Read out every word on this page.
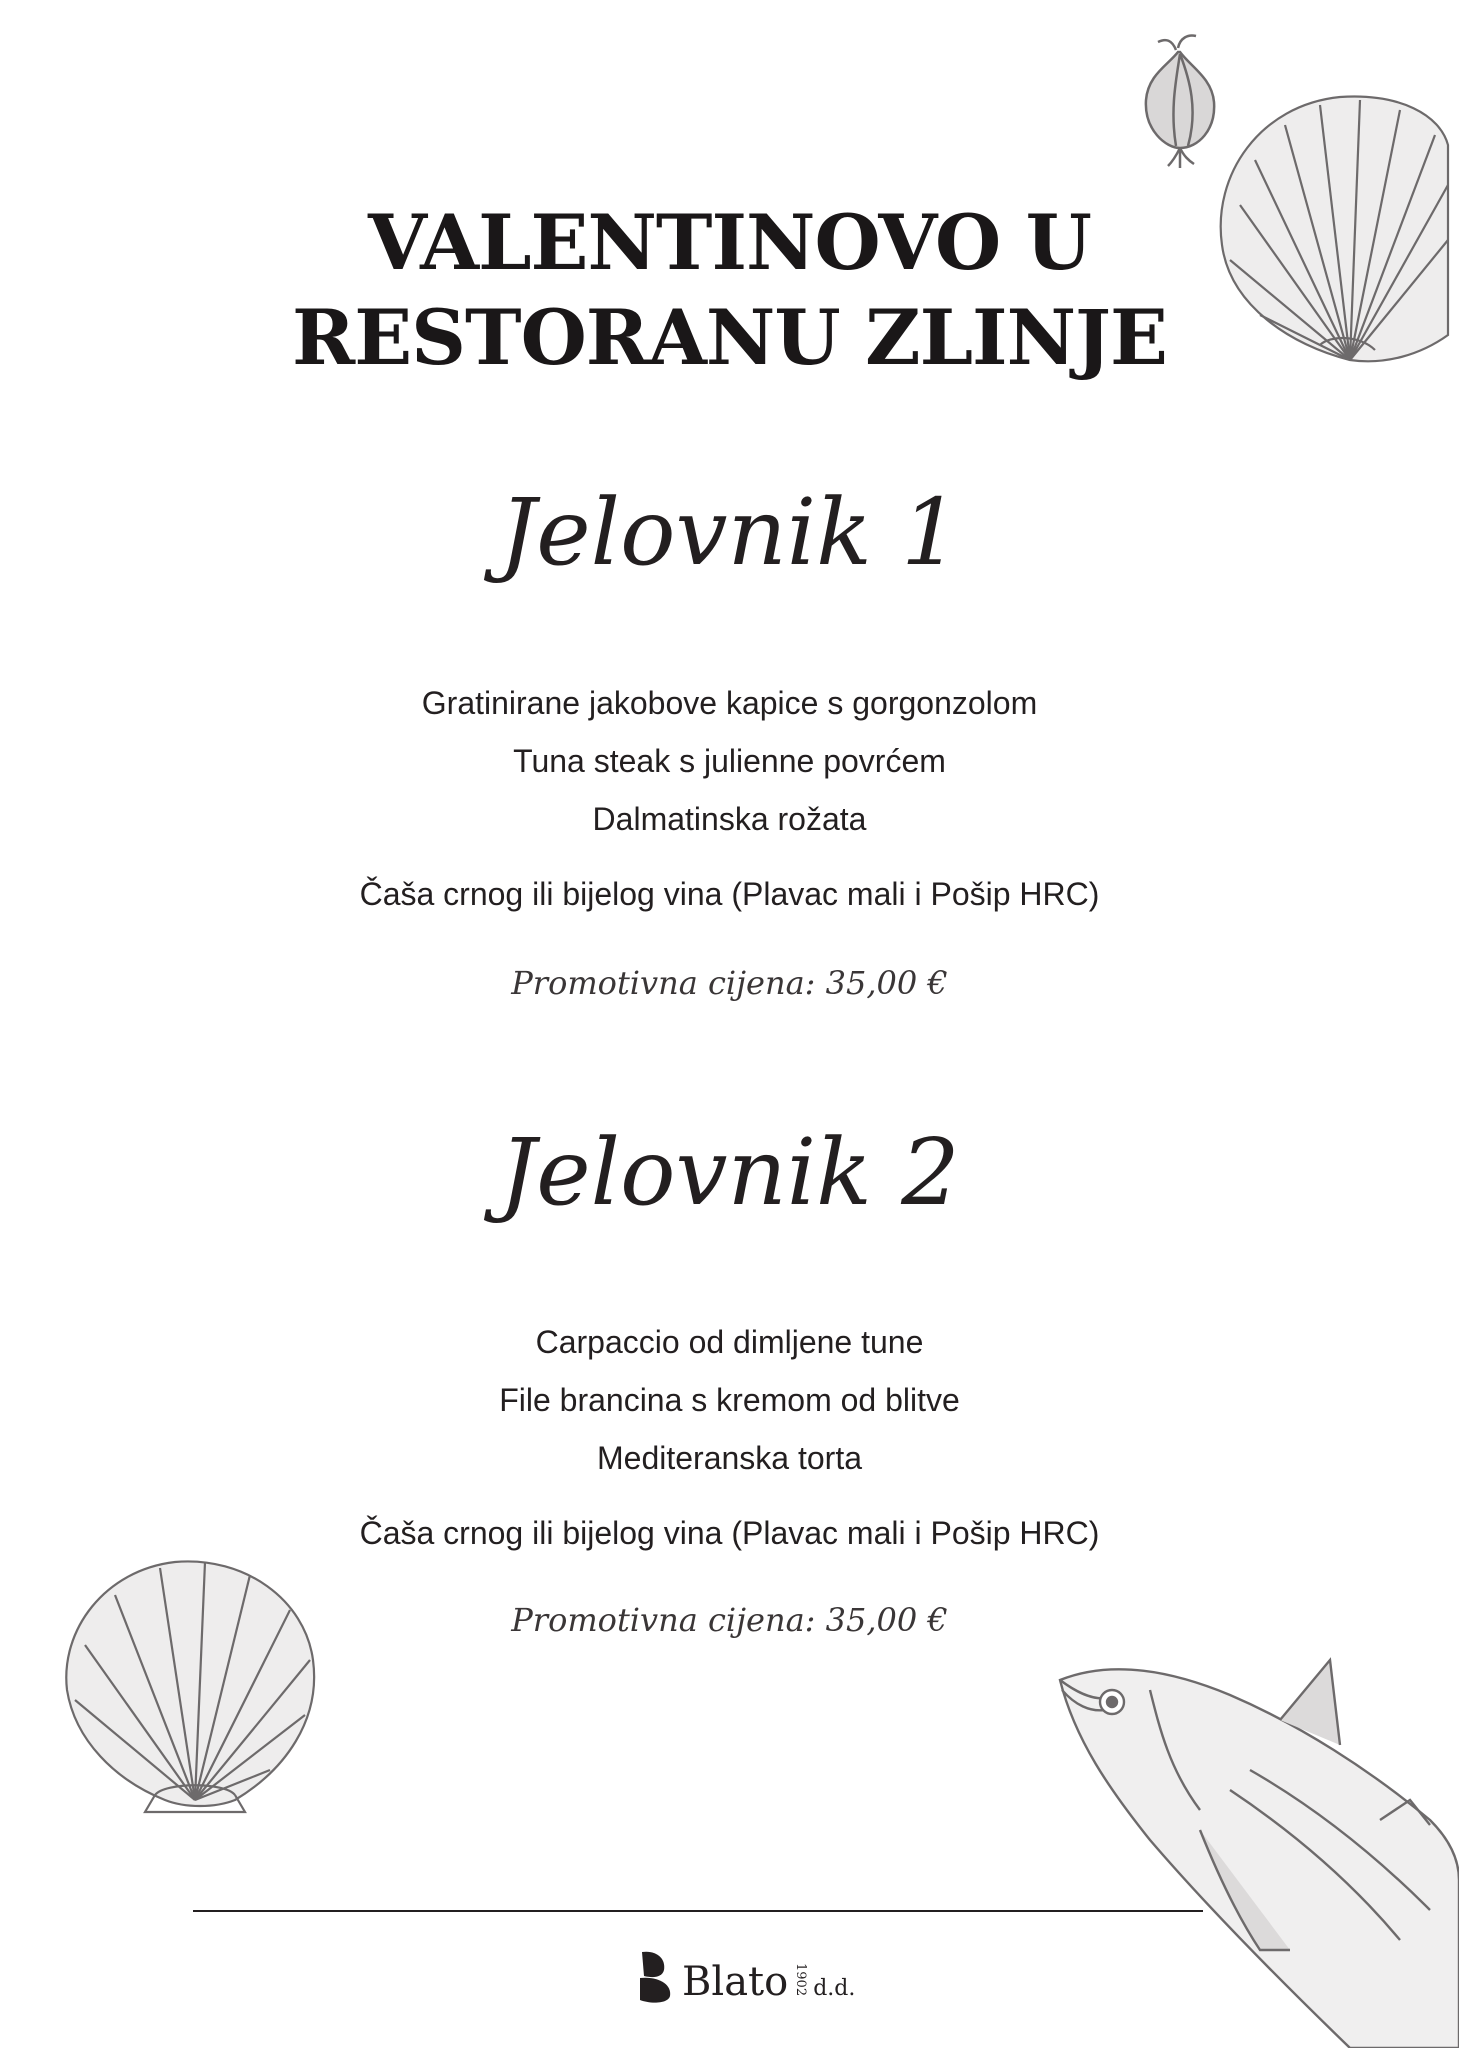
VALENTINOVO U
RESTORANU ZLINJE
Jelovnik 1
Gratinirane jakobove kapice s gorgonzolom
Tuna steak s julienne povrćem
Dalmatinska rožata
Čaša crnog ili bijelog vina (Plavac mali i Pošip HRC)
Promotivna cijena: 35,00 €
Jelovnik 2
Carpaccio od dimljene tune
File brancina s kremom od blitve
Mediteranska torta
Čaša crnog ili bijelog vina (Plavac mali i Pošip HRC)
Promotivna cijena: 35,00 €
Blato 1902 d.d.
